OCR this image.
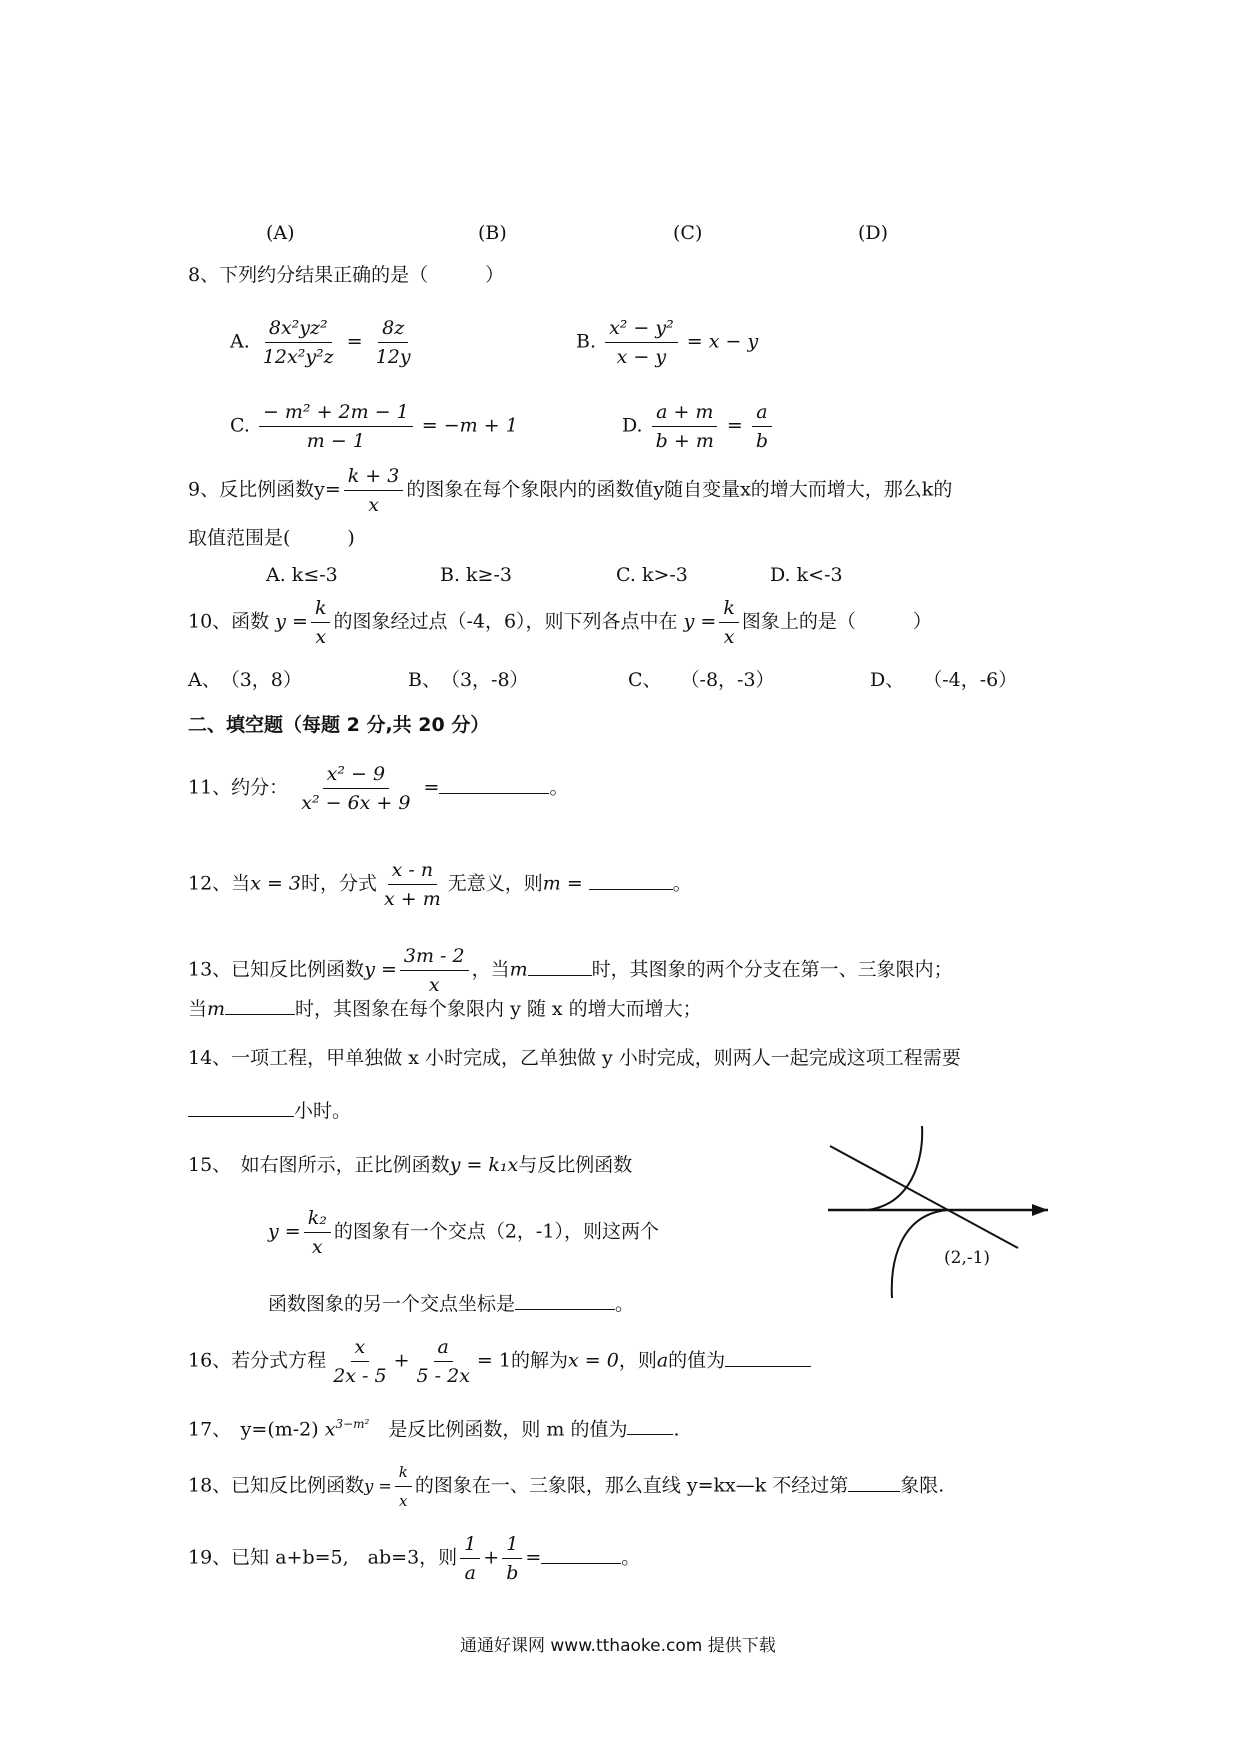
(A)	(B)	(C)	(D)
8、下列约分结果正确的是（　　　）
A. $\frac{\text{8x²yz²}}{\text{12x²y²z}} = \frac{8z}{12y}$	B. $\frac{\text{x² − y²}}{x - y} = x - y$
C. $\frac{\text{− m² + 2m − 1}}{m - 1} = -m + 1$	D. $\frac{a + m}{b + m} = \frac{a}{b}$
9、反比例函数$y= \frac{k + 3}{x}$ 的图象在每个象限内的函数值y随自变量x的增大而增大，那么k的
取值范围是(　　　)
A. k≤-3	B. k≥-3	C. k>-3	D. k<-3
10、函数 $y = \frac{k}{x}$ 的图象经过点（-4，6），则下列各点中在 $y = \frac{k}{x}$ 图象上的是（　　　）
A、　（3，8）	B、　（3，-8）	C、　　（-8，-3）	D、　　（-4，-6）
二、填空题（每题 2 分,共 20 分）
11、约分： $\frac{\text{x² − 9}}{\text{x² − 6x + 9}}$ =	。
12、当x = 3时，分式 $\frac{x - n}{x + m}$ 无意义，则m =	。
13、已知反比例函数$y = \frac{3m - 2}{x}$ ，当m	时，其图象的两个分支在第一、三象限内；
当m	时，其图象在每个象限内 y 随 x 的增大而增大；
14、一项工程，甲单独做 x 小时完成，乙单独做 y 小时完成，则两人一起完成这项工程需要
小时。
15、　如右图所示，正比例函数y = k₁x与反比例函数
$y = \frac{\text{k₂}}{x}$ 的图象有一个交点（2，-1），则这两个
函数图象的另一个交点坐标是	。
(2,-1)
16、若分式方程 $\frac{x}{2x - 5} + \frac{a}{5 - 2x} = 1$的解为x = 0，则a的值为
17、　y=(m-2) $x^{3-m^2}$　 是反比例函数，则 m 的值为 .
18、已知反比例函数$y = \frac{k}{x}$ 的图象在一、三象限，那么直线 y=kx—k 不经过第	象限.
19、已知 a+b=5,　ab=3，则 $\frac{1}{a} + \frac{1}{b}$ =	。
通通好课网 www.tthaoke.com 提供下载
